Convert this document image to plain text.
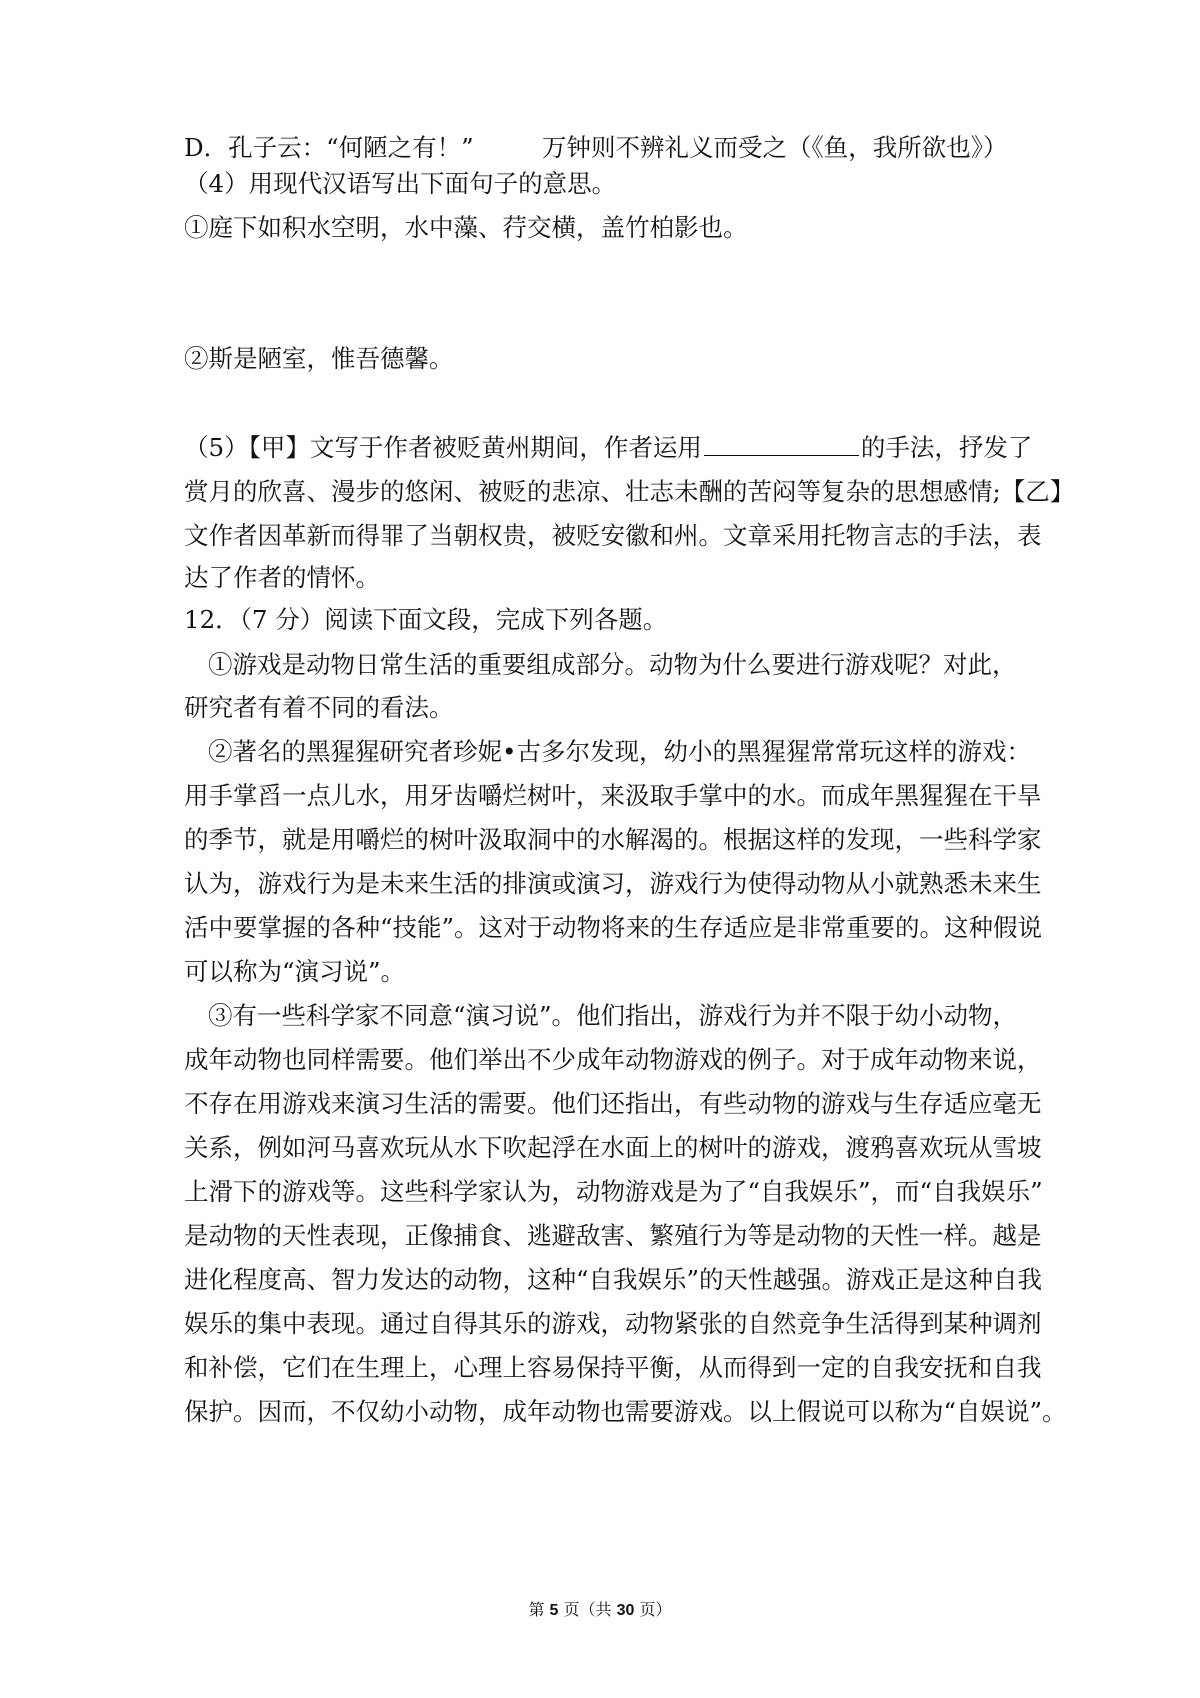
D．孔子云：“何陋之有！”	万钟则不辨礼义而受之（《鱼，我所欲也》）
（4）用现代汉语写出下面句子的意思。
①庭下如积水空明，水中藻、荇交横，盖竹柏影也。
②斯是陋室，惟吾德馨。
（5）【甲】文写于作者被贬黄州期间，作者运用	的手法，抒发了
赏月的欣喜、漫步的悠闲、被贬的悲凉、壮志未酬的苦闷等复杂的思想感情;【乙】
文作者因革新而得罪了当朝权贵，被贬安徽和州。文章采用托物言志的手法，表
达了作者的情怀。
12．（7 分）阅读下面文段，完成下列各题。
①游戏是动物日常生活的重要组成部分。动物为什么要进行游戏呢？对此，
研究者有着不同的看法。
②著名的黑猩猩研究者珍妮•古多尔发现，幼小的黑猩猩常常玩这样的游戏：
用手掌舀一点儿水，用牙齿嚼烂树叶，来汲取手掌中的水。而成年黑猩猩在干旱
的季节，就是用嚼烂的树叶汲取洞中的水解渴的。根据这样的发现，一些科学家
认为，游戏行为是未来生活的排演或演习，游戏行为使得动物从小就熟悉未来生
活中要掌握的各种“技能”。这对于动物将来的生存适应是非常重要的。这种假说
可以称为“演习说”。
③有一些科学家不同意“演习说”。他们指出，游戏行为并不限于幼小动物，
成年动物也同样需要。他们举出不少成年动物游戏的例子。对于成年动物来说，
不存在用游戏来演习生活的需要。他们还指出，有些动物的游戏与生存适应毫无
关系，例如河马喜欢玩从水下吹起浮在水面上的树叶的游戏，渡鸦喜欢玩从雪坡
上滑下的游戏等。这些科学家认为，动物游戏是为了“自我娱乐”，而“自我娱乐”
是动物的天性表现，正像捕食、逃避敌害、繁殖行为等是动物的天性一样。越是
进化程度高、智力发达的动物，这种“自我娱乐”的天性越强。游戏正是这种自我
娱乐的集中表现。通过自得其乐的游戏，动物紧张的自然竞争生活得到某种调剂
和补偿，它们在生理上，心理上容易保持平衡，从而得到一定的自我安抚和自我
保护。因而，不仅幼小动物，成年动物也需要游戏。以上假说可以称为“自娱说”。
第 5 页（共 30 页）
